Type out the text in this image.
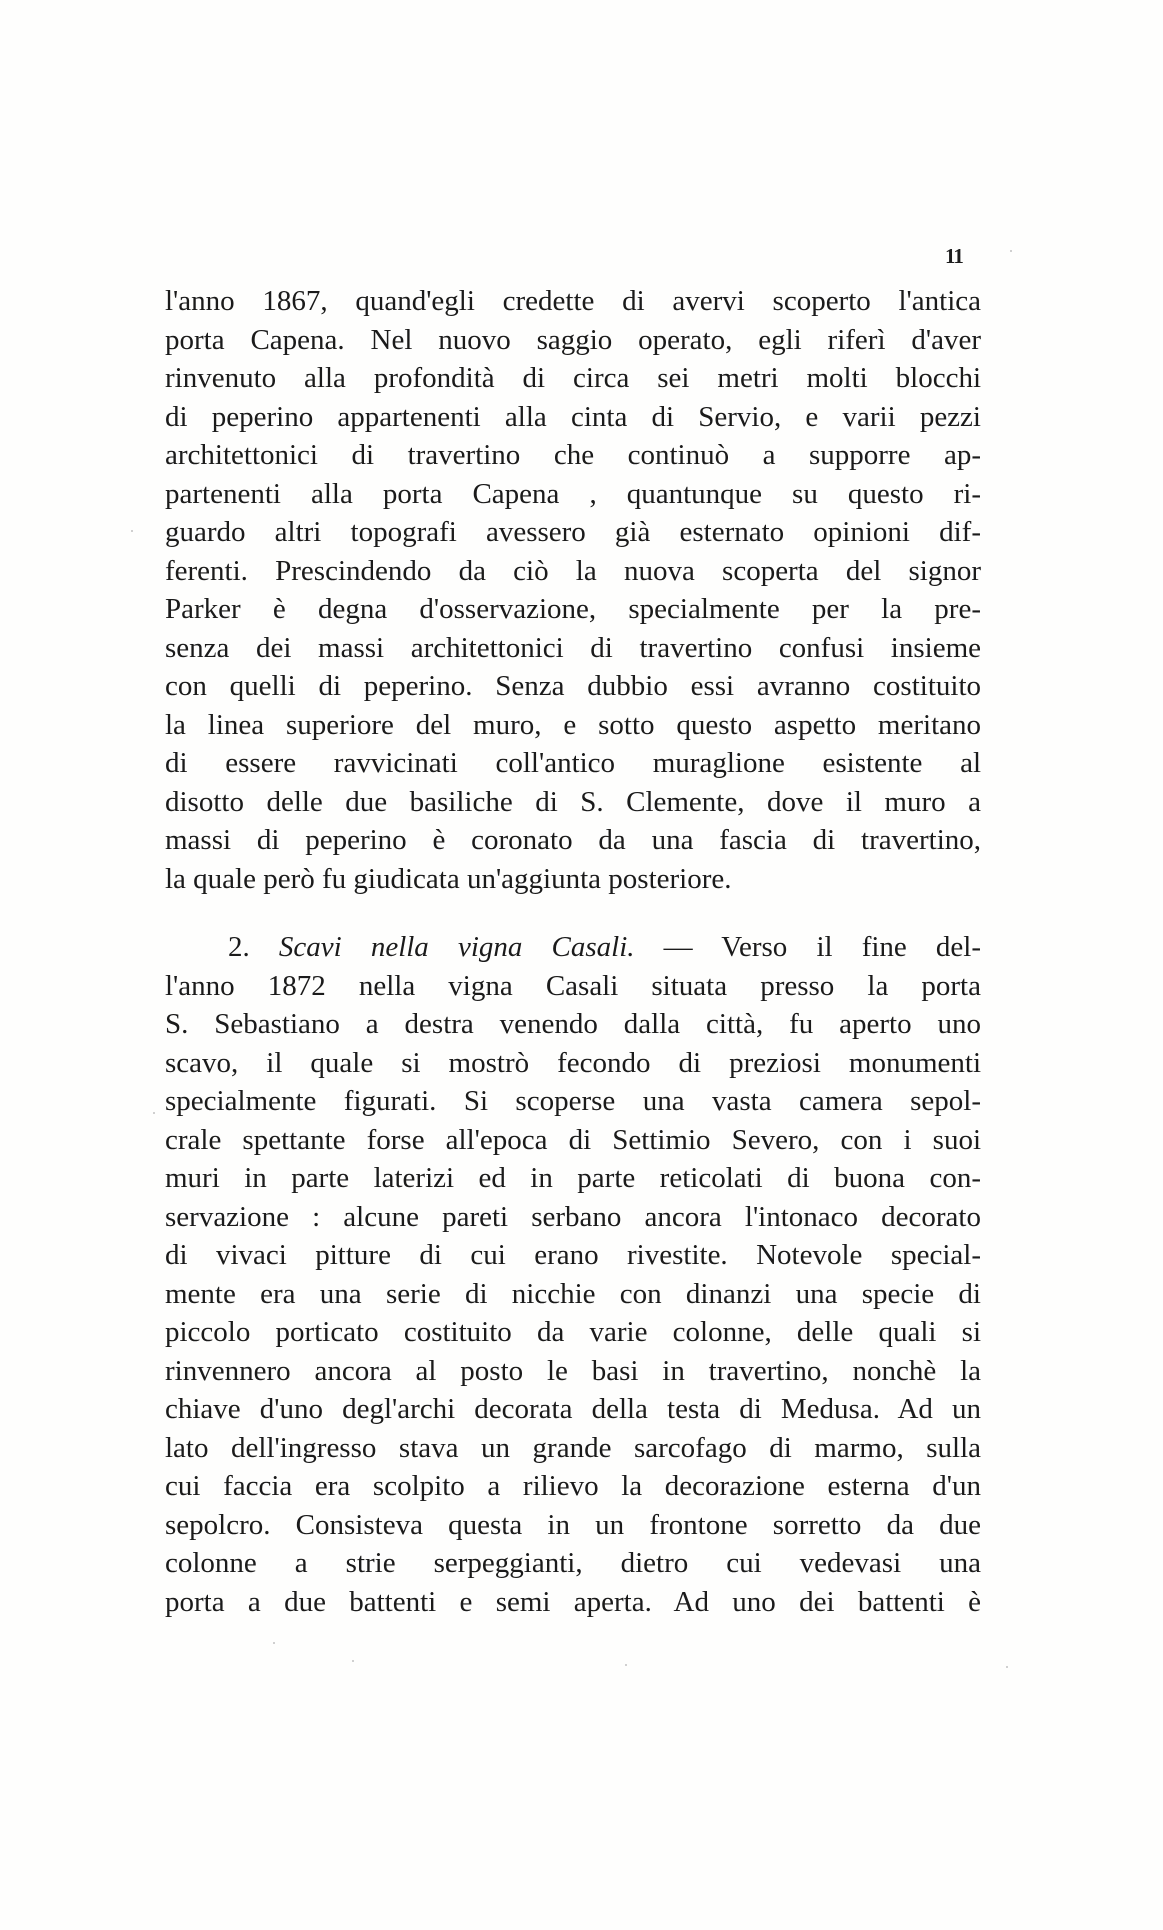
11
l'anno 1867, quand'egli credette di avervi scoperto l'antica
porta Capena. Nel nuovo saggio operato, egli riferì d'aver
rinvenuto alla profondità di circa sei metri molti blocchi
di peperino appartenenti alla cinta di Servio, e varii pezzi
architettonici di travertino che continuò a supporre ap-
partenenti alla porta Capena , quantunque su questo ri-
guardo altri topografi avessero già esternato opinioni dif-
ferenti. Prescindendo da ciò la nuova scoperta del signor
Parker è degna d'osservazione, specialmente per la pre-
senza dei massi architettonici di travertino confusi insieme
con quelli di peperino. Senza dubbio essi avranno costituito
la linea superiore del muro, e sotto questo aspetto meritano
di essere ravvicinati coll'antico muraglione esistente al
disotto delle due basiliche di S. Clemente, dove il muro a
massi di peperino è coronato da una fascia di travertino,
la quale però fu giudicata un'aggiunta posteriore.
2. Scavi nella vigna Casali. — Verso il fine del-
l'anno 1872 nella vigna Casali situata presso la porta
S. Sebastiano a destra venendo dalla città, fu aperto uno
scavo, il quale si mostrò fecondo di preziosi monumenti
specialmente figurati. Si scoperse una vasta camera sepol-
crale spettante forse all'epoca di Settimio Severo, con i suoi
muri in parte laterizi ed in parte reticolati di buona con-
servazione : alcune pareti serbano ancora l'intonaco decorato
di vivaci pitture di cui erano rivestite. Notevole special-
mente era una serie di nicchie con dinanzi una specie di
piccolo porticato costituito da varie colonne, delle quali si
rinvennero ancora al posto le basi in travertino, nonchè la
chiave d'uno degl'archi decorata della testa di Medusa. Ad un
lato dell'ingresso stava un grande sarcofago di marmo, sulla
cui faccia era scolpito a rilievo la decorazione esterna d'un
sepolcro. Consisteva questa in un frontone sorretto da due
colonne a strie serpeggianti, dietro cui vedevasi una
porta a due battenti e semi aperta. Ad uno dei battenti è
